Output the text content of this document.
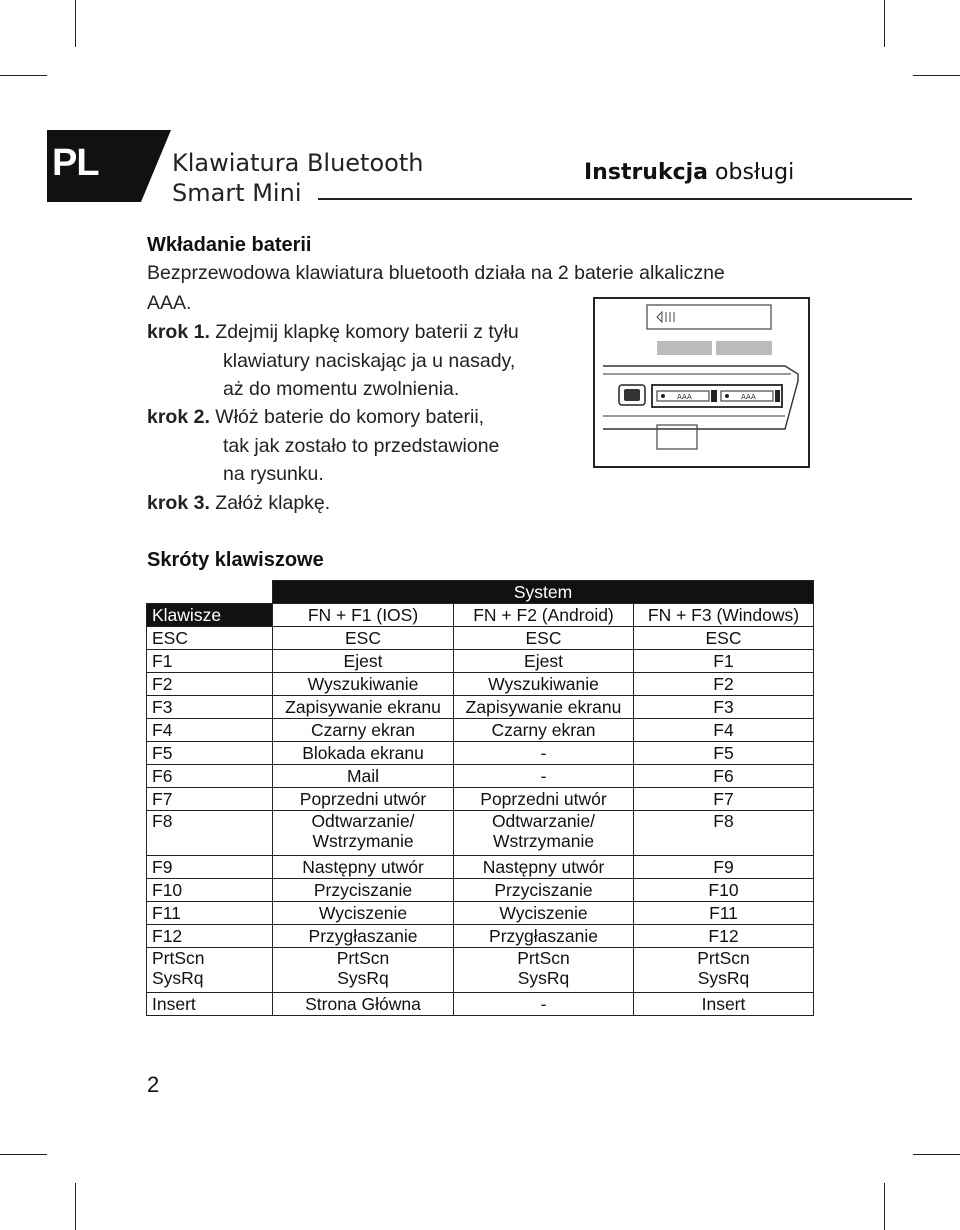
PL	Klawiatura Bluetooth
Smart Mini
Instrukcja obsługi
Wkładanie baterii
Bezprzewodowa klawiatura bluetooth działa na 2 baterie alkaliczne
AAA.
krok 1. Zdejmij klapkę komory baterii z tyłu
klawiatury naciskając ja u nasady,
aż do momentu zwolnienia.
krok 2. Włóż baterie do komory baterii,
tak jak zostało to przedstawione
na rysunku.
krok 3. Załóż klapkę.
AAA	AAA
Skróty klawiszowe
	System		
Klawisze	FN + F1 (IOS)	FN + F2 (Android)	FN + F3 (Windows)
ESC	ESC	ESC	ESC
F1	Ejest	Ejest	F1
F2	Wyszukiwanie	Wyszukiwanie	F2
F3	Zapisywanie ekranu	Zapisywanie ekranu	F3
F4	Czarny ekran	Czarny ekran	F4
F5	Blokada ekranu	-	F5
F6	Mail	-	F6
F7	Poprzedni utwór	Poprzedni utwór	F7
F8	Odtwarzanie/
Wstrzymanie	Odtwarzanie/
Wstrzymanie	F8
F9	Następny utwór	Następny utwór	F9
F10	Przyciszanie	Przyciszanie	F10
F11	Wyciszenie	Wyciszenie	F11
F12	Przygłaszanie	Przygłaszanie	F12
PrtScn
SysRq	PrtScn
SysRq	PrtScn
SysRq	PrtScn
SysRq
Insert	Strona Główna	-	Insert
2
